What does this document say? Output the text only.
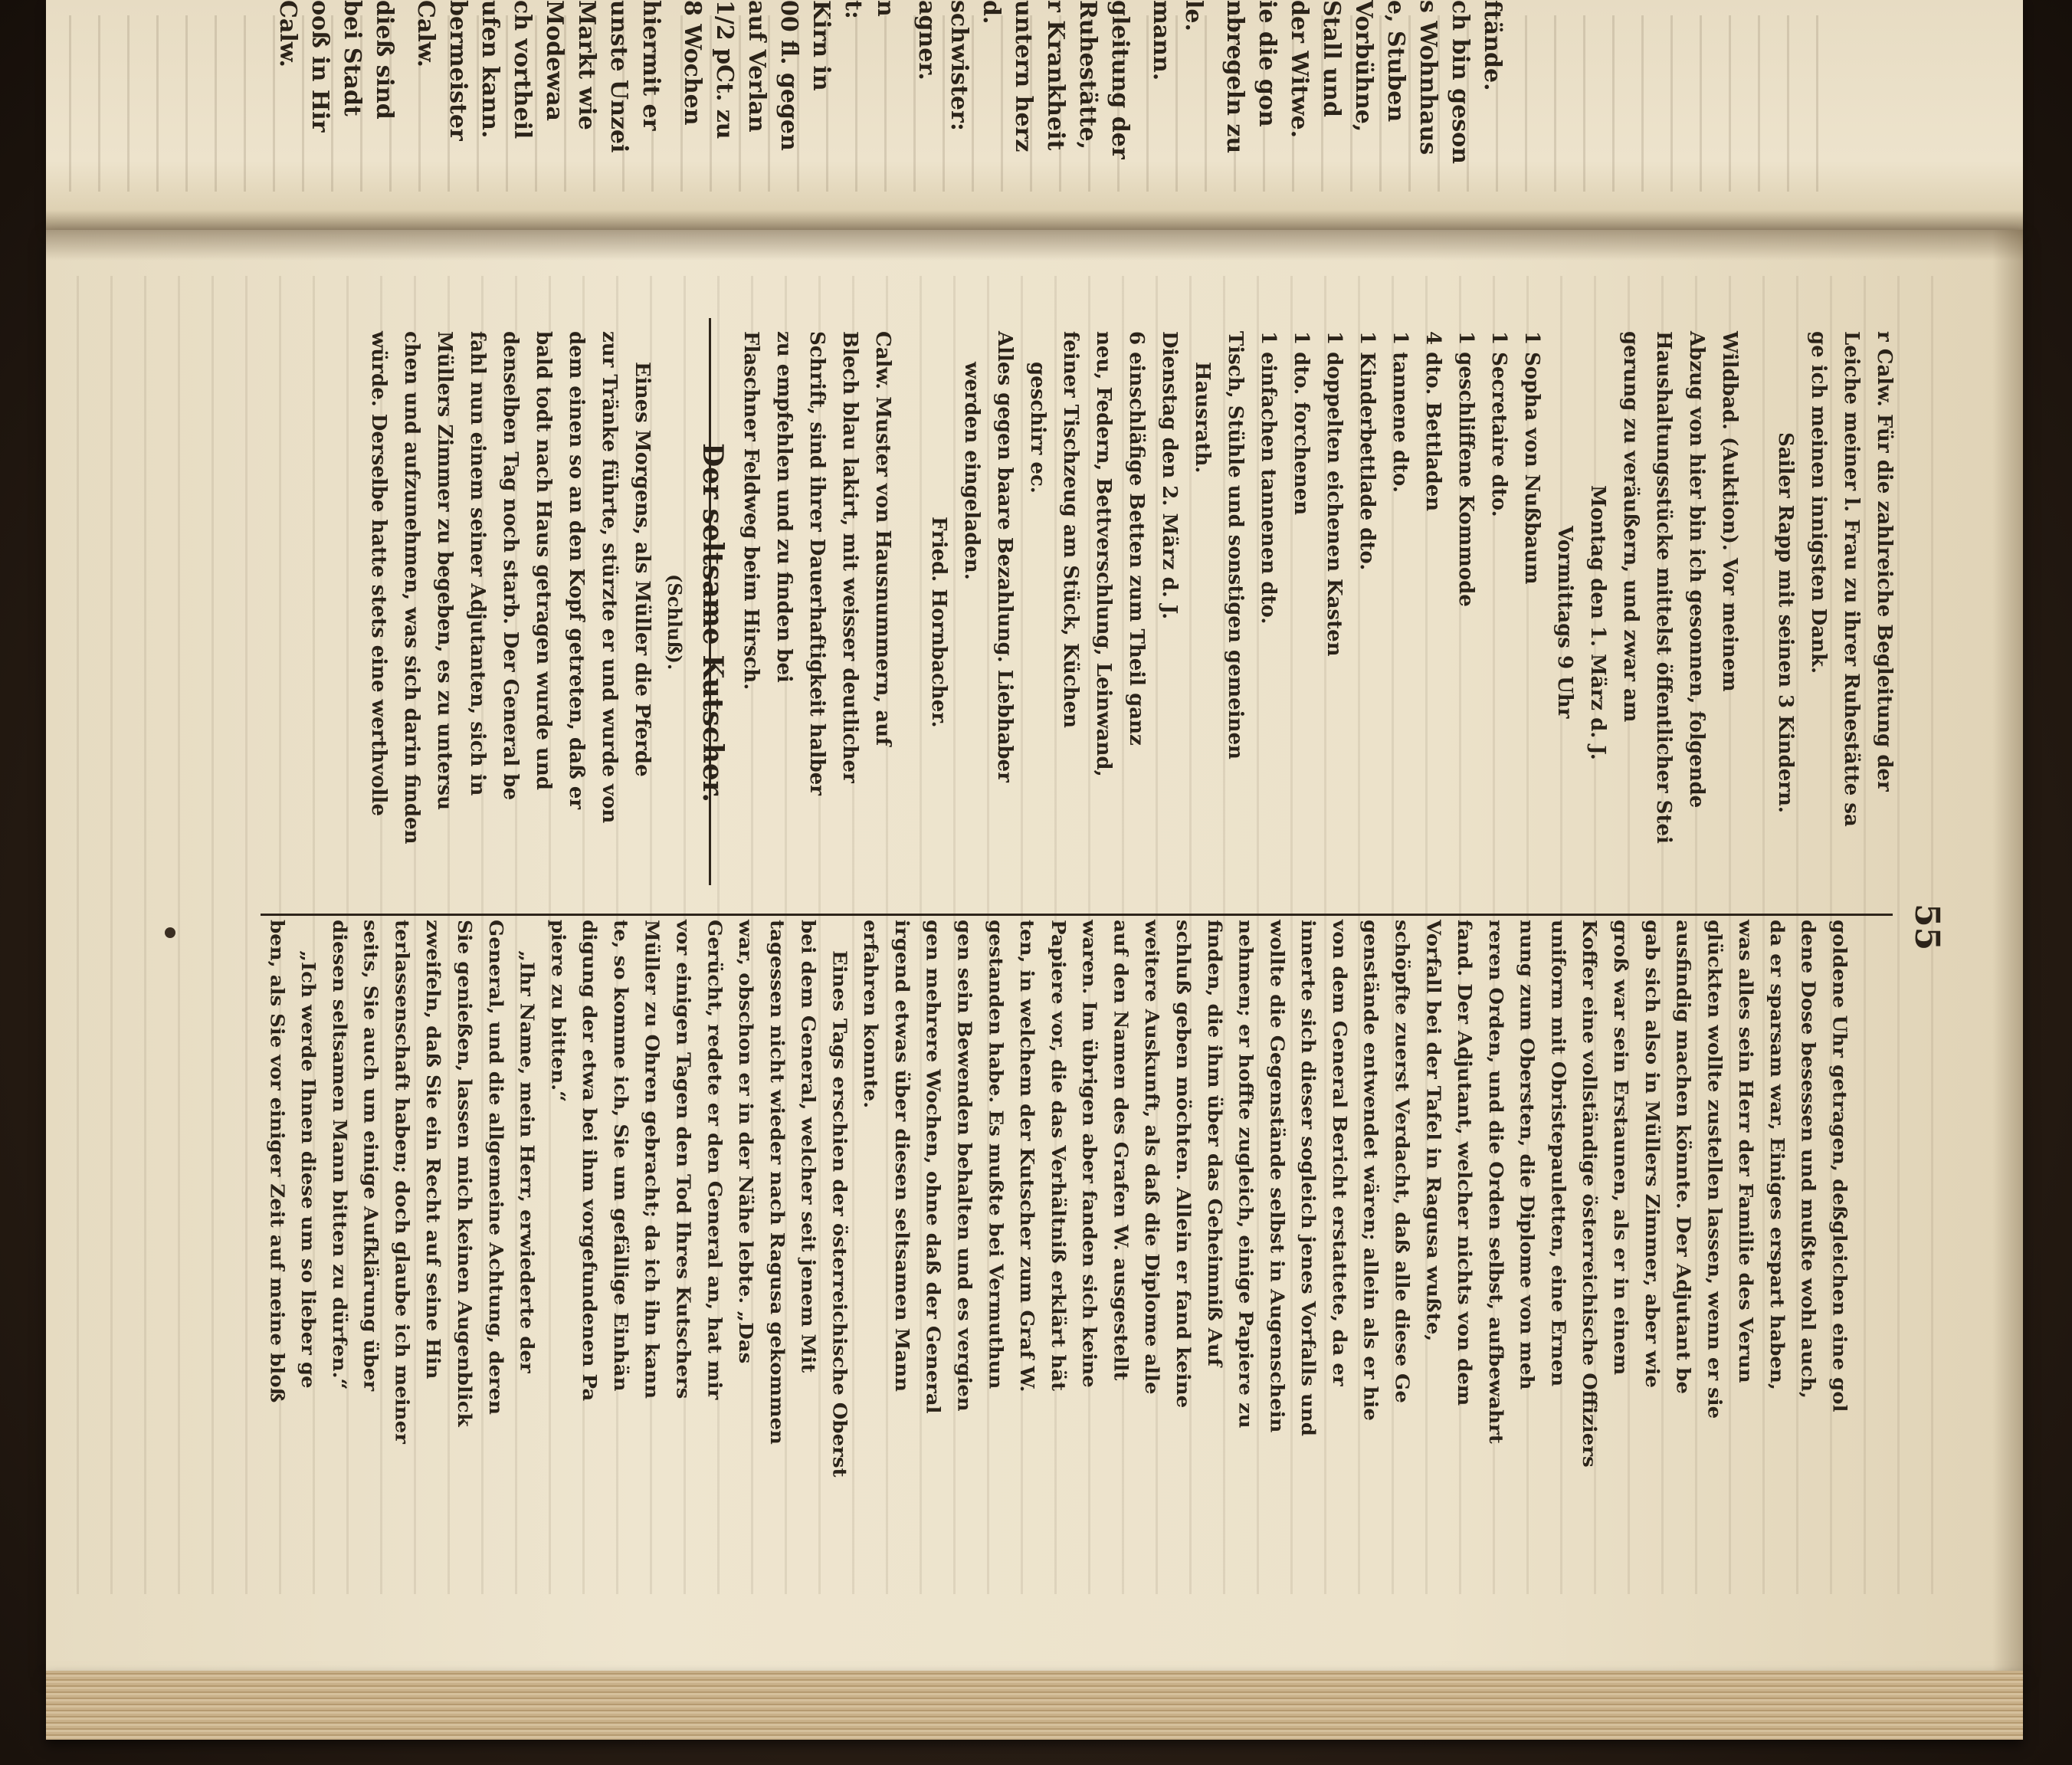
ftände.
ch bin geson
s Wohnhaus
e, Stuben
Vorbühne,
Stall und
der Witwe.
ie die gon
nbregeln zu
le.
mann.
gleitung der
Ruhestätte,
r Krankheit
untern herz
d.
schwister:
agner.
n
t:
Kirn in
00 fl. gegen
auf Verlan
1/2 pCt. zu
8 Wochen
hiermit er
unste Unzei
Markt wie
Modewaa
ch vortheil
ufen kann.
bermeister
Calw.
dieß sind
bei Stadt
ooß in Hir
Calw.
55
r Calw. Für die zahlreiche Begleitung der
Leiche meiner l. Frau zu ihrer Ruhestätte sa
ge ich meinen innigsten Dank.
Sailer Rapp mit seinen 3 Kindern.
Wildbad. (Auktion). Vor meinem
Abzug von hier bin ich gesonnen, folgende
Haushaltungsstücke mittelst öffentlicher Stei
gerung zu veräußern, und zwar am
Montag den 1. März d. J.
Vormittags 9 Uhr
1 Sopha von Nußbaum
1 Secretaire dto.
1 geschliffene Kommode
4 dto. Bettladen
1 tannene dto.
1 Kinderbettlade dto.
1 doppelten eichenen Kasten
1 dto. forchenen
1 einfachen tannenen dto.
Tisch, Stühle und sonstigen gemeinen
Hausrath.
Dienstag den 2. März d. J.
6 einschläfige Betten zum Theil ganz
neu, Federn, Bettverschlung, Leinwand,
feiner Tischzeug am Stück, Küchen
geschirr ec.
Alles gegen baare Bezahlung. Liebhaber
werden eingeladen.
Fried. Hornbacher.
Calw. Muster von Hausnummern, auf
Blech blau lakirt, mit weisser deutlicher
Schrift, sind ihrer Dauerhaftigkeit halber
zu empfehlen und zu finden bei
Flaschner Feldweg beim Hirsch.
Der seltsame Kutscher.
(Schluß).
Eines Morgens, als Müller die Pferde
zur Tränke führte, stürzte er und wurde von
dem einen so an den Kopf getreten, daß er
bald todt nach Haus getragen wurde und
denselben Tag noch starb. Der General be
fahl nun einem seiner Adjutanten, sich in
Müllers Zimmer zu begeben, es zu untersu
chen und aufzunehmen, was sich darin finden
würde. Derselbe hatte stets eine werthvolle
goldene Uhr getragen, deßgleichen eine gol
dene Dose besessen und mußte wohl auch,
da er sparsam war, Einiges erspart haben,
was alles sein Herr der Familie des Verun
glückten wollte zustellen lassen, wenn er sie
ausfindig machen könnte. Der Adjutant be
gab sich also in Müllers Zimmer, aber wie
groß war sein Erstaunen, als er in einem
Koffer eine vollständige österreichische Offiziers
uniform mit Obristepauletten, eine Ernen
nung zum Obersten, die Diplome von meh
reren Orden, und die Orden selbst, aufbewahrt
fand. Der Adjutant, welcher nichts von dem
Vorfall bei der Tafel in Ragusa wußte,
schöpfte zuerst Verdacht, daß alle diese Ge
genstände entwendet wären; allein als er hie
von dem General Bericht erstattete, da er
innerte sich dieser sogleich jenes Vorfalls und
wollte die Gegenstände selbst in Augenschein
nehmen; er hoffte zugleich, einige Papiere zu
finden, die ihm über das Geheimniß Auf
schluß geben möchten. Allein er fand keine
weitere Auskunft, als daß die Diplome alle
auf den Namen des Grafen W. ausgestellt
waren. Im übrigen aber fanden sich keine
Papiere vor, die das Verhältniß erklärt hät
ten, in welchem der Kutscher zum Graf W.
gestanden habe. Es mußte bei Vermuthun
gen sein Bewenden behalten und es vergien
gen mehrere Wochen, ohne daß der General
irgend etwas über diesen seltsamen Mann
erfahren konnte.
Eines Tags erschien der österreichische Oberst
bei dem General, welcher seit jenem Mit
tagessen nicht wieder nach Ragusa gekommen
war, obschon er in der Nähe lebte. „Das
Gerücht, redete er den General an, hat mir
vor einigen Tagen den Tod Ihres Kutschers
Müller zu Ohren gebracht; da ich ihn kann
te, so komme ich, Sie um gefällige Einhän
digung der etwa bei ihm vorgefundenen Pa
piere zu bitten.“
„Ihr Name, mein Herr, erwiederte der
General, und die allgemeine Achtung, deren
Sie genießen, lassen mich keinen Augenblick
zweifeln, daß Sie ein Recht auf seine Hin
terlassenschaft haben; doch glaube ich meiner
seits, Sie auch um einige Aufklärung über
diesen seltsamen Mann bitten zu dürfen.“
„Ich werde Ihnen diese um so lieber ge
ben, als Sie vor einiger Zeit auf meine bloß
